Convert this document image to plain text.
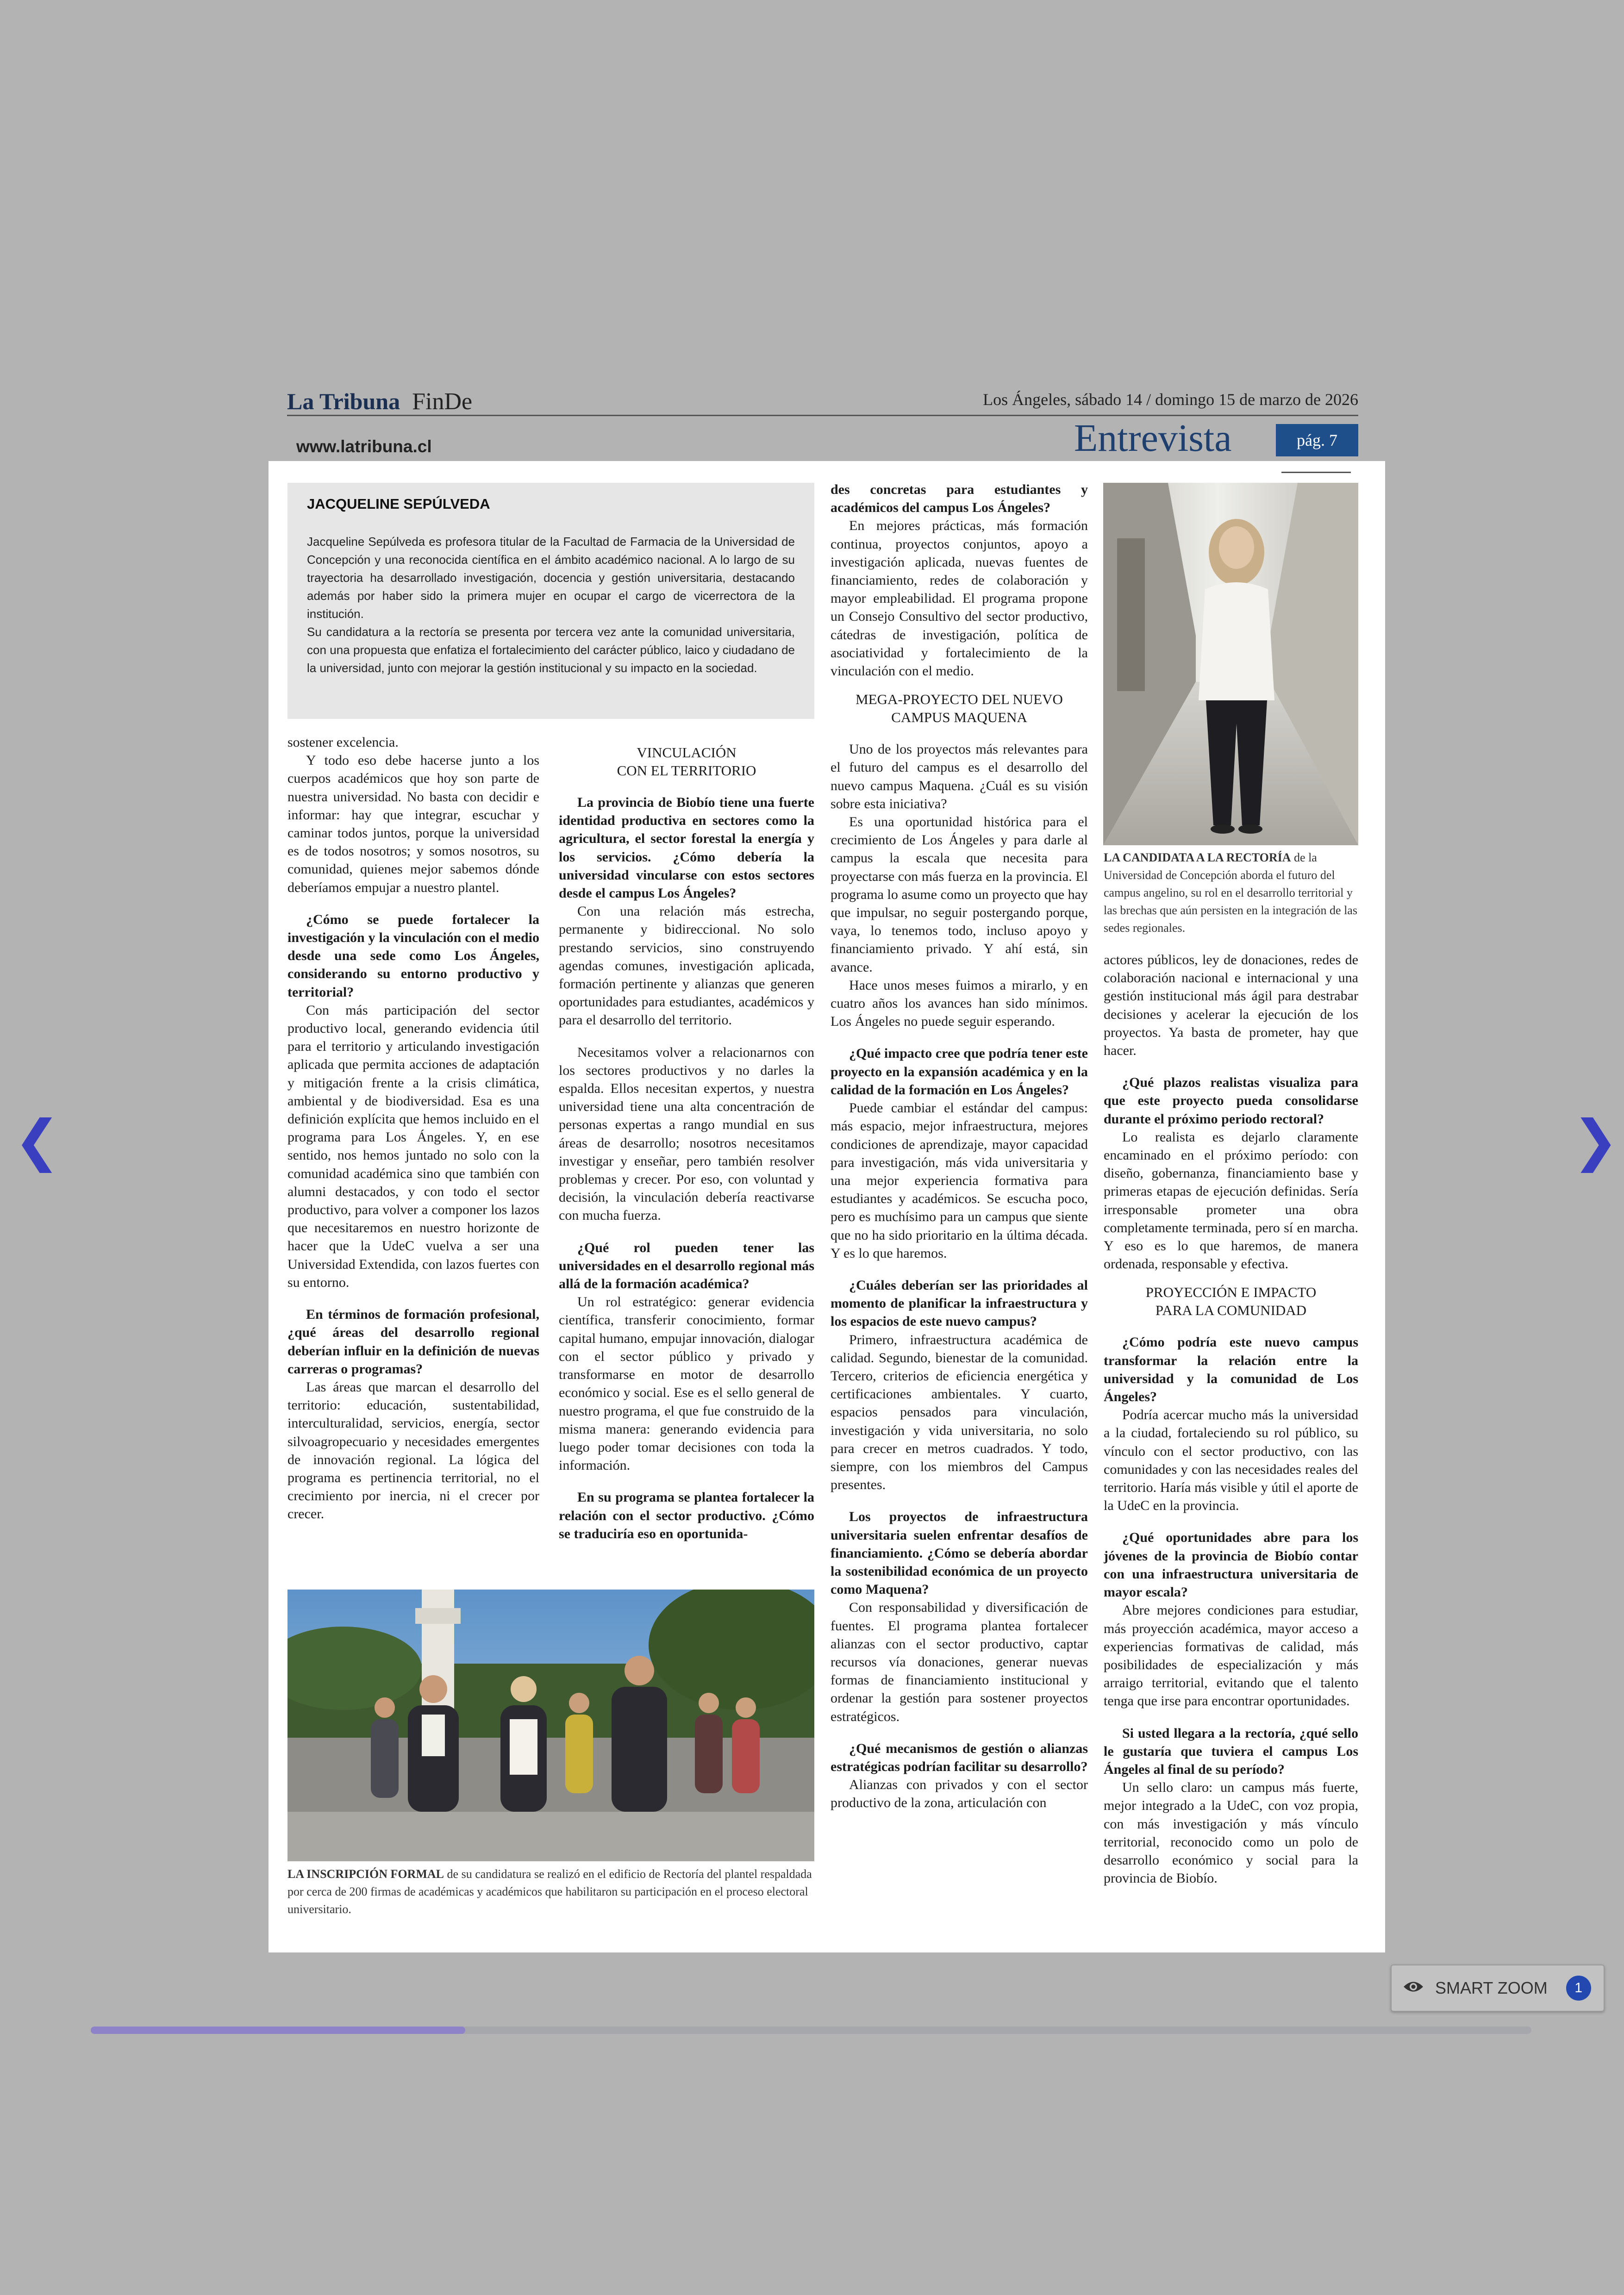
La Tribuna FinDe	Los Ángeles, sábado 14 / domingo 15 de marzo de 2026
www.latribuna.cl	Entrevista	pág. 7
JACQUELINE SEPÚLVEDA

Jacqueline Sepúlveda es profesora titular de la Facultad de Farmacia de la Universidad de Concepción y una reconocida científica en el ámbito académico nacional. A lo largo de su trayectoria ha desarrollado investigación, docencia y gestión universitaria, destacando además por haber sido la primera mujer en ocupar el cargo de vicerrectora de la institución.

Su candidatura a la rectoría se presenta por tercera vez ante la comunidad universitaria, con una propuesta que enfatiza el fortalecimiento del carácter público, laico y ciudadano de la universidad, junto con mejorar la gestión institucional y su impacto en la sociedad.

sostener excelencia.

Y todo eso debe hacerse junto a los cuerpos académicos que hoy son parte de nuestra universidad. No basta con decidir e informar: hay que integrar, escuchar y caminar todos juntos, porque la universidad es de todos nosotros; y somos nosotros, su comunidad, quienes mejor sabemos dónde deberíamos empujar a nuestro plantel.

¿Cómo se puede fortalecer la investigación y la vinculación con el medio desde una sede como Los Ángeles, considerando su entorno productivo y territorial?

Con más participación del sector productivo local, generando evidencia útil para el territorio y articulando investigación aplicada que permita acciones de adaptación y mitigación frente a la crisis climática, ambiental y de biodiversidad. Esa es una definición explícita que hemos incluido en el programa para Los Ángeles. Y, en ese sentido, nos hemos juntado no solo con la comunidad académica sino que también con alumni destacados, y con todo el sector productivo, para volver a componer los lazos que necesitaremos en nuestro horizonte de hacer que la UdeC vuelva a ser una Universidad Extendida, con lazos fuertes con su entorno.

En términos de formación profesional, ¿qué áreas del desarrollo regional deberían influir en la definición de nuevas carreras o programas?

Las áreas que marcan el desarrollo del territorio: educación, sustentabilidad, interculturalidad, servicios, energía, sector silvoagropecuario y necesidades emergentes de innovación regional. La lógica del programa es pertinencia territorial, no el crecimiento por inercia, ni el crecer por crecer.

VINCULACIÓN
CON EL TERRITORIO

La provincia de Biobío tiene una fuerte identidad productiva en sectores como la agricultura, el sector forestal la energía y los servicios. ¿Cómo debería la universidad vincularse con estos sectores desde el campus Los Ángeles?

Con una relación más estrecha, permanente y bidireccional. No solo prestando servicios, sino construyendo agendas comunes, investigación aplicada, formación pertinente y alianzas que generen oportunidades para estudiantes, académicos y para el desarrollo del territorio.

Necesitamos volver a relacionarnos con los sectores productivos y no darles la espalda. Ellos necesitan expertos, y nuestra universidad tiene una alta concentración de personas expertas a rango mundial en sus áreas de desarrollo; nosotros necesitamos investigar y enseñar, pero también resolver problemas y crecer. Por eso, con voluntad y decisión, la vinculación debería reactivarse con mucha fuerza.

¿Qué rol pueden tener las universidades en el desarrollo regional más allá de la formación académica?

Un rol estratégico: generar evidencia científica, transferir conocimiento, formar capital humano, empujar innovación, dialogar con el sector público y privado y transformarse en motor de desarrollo económico y social. Ese es el sello general de nuestro programa, el que fue construido de la misma manera: generando evidencia para luego poder tomar decisiones con toda la información.

En su programa se plantea fortalecer la relación con el sector productivo. ¿Cómo se traduciría eso en oportunida-

des concretas para estudiantes y académicos del campus Los Ángeles?

En mejores prácticas, más formación continua, proyectos conjuntos, apoyo a investigación aplicada, nuevas fuentes de financiamiento, redes de colaboración y mayor empleabilidad. El programa propone un Consejo Consultivo del sector productivo, cátedras de investigación, política de asociatividad y fortalecimiento de la vinculación con el medio.

MEGA-PROYECTO DEL NUEVO
CAMPUS MAQUENA

Uno de los proyectos más relevantes para el futuro del campus es el desarrollo del nuevo campus Maquena. ¿Cuál es su visión sobre esta iniciativa?

Es una oportunidad histórica para el crecimiento de Los Ángeles y para darle al campus la escala que necesita para proyectarse con más fuerza en la provincia. El programa lo asume como un proyecto que hay que impulsar, no seguir postergando porque, vaya, lo tenemos todo, incluso apoyo y financiamiento privado. Y ahí está, sin avance.

Hace unos meses fuimos a mirarlo, y en cuatro años los avances han sido mínimos. Los Ángeles no puede seguir esperando.

¿Qué impacto cree que podría tener este proyecto en la expansión académica y en la calidad de la formación en Los Ángeles?

Puede cambiar el estándar del campus: más espacio, mejor infraestructura, mejores condiciones de aprendizaje, mayor capacidad para investigación, más vida universitaria y una mejor experiencia formativa para estudiantes y académicos. Se escucha poco, pero es muchísimo para un campus que siente que no ha sido prioritario en la última década. Y es lo que haremos.

¿Cuáles deberían ser las prioridades al momento de planificar la infraestructura y los espacios de este nuevo campus?

Primero, infraestructura académica de calidad. Segundo, bienestar de la comunidad. Tercero, criterios de eficiencia energética y certificaciones ambientales. Y cuarto, espacios pensados para vinculación, investigación y vida universitaria, no solo para crecer en metros cuadrados. Y todo, siempre, con los miembros del Campus presentes.

Los proyectos de infraestructura universitaria suelen enfrentar desafíos de financiamiento. ¿Cómo se debería abordar la sostenibilidad económica de un proyecto como Maquena?

Con responsabilidad y diversificación de fuentes. El programa plantea fortalecer alianzas con el sector productivo, captar recursos vía donaciones, generar nuevas formas de financiamiento institucional y ordenar la gestión para sostener proyectos estratégicos.

¿Qué mecanismos de gestión o alianzas estratégicas podrían facilitar su desarrollo?

Alianzas con privados y con el sector productivo de la zona, articulación con

actores públicos, ley de donaciones, redes de colaboración nacional e internacional y una gestión institucional más ágil para destrabar decisiones y acelerar la ejecución de los proyectos. Ya basta de prometer, hay que hacer.

¿Qué plazos realistas visualiza para que este proyecto pueda consolidarse durante el próximo periodo rectoral?

Lo realista es dejarlo claramente encaminado en el próximo período: con diseño, gobernanza, financiamiento base y primeras etapas de ejecución definidas. Sería irresponsable prometer una obra completamente terminada, pero sí en marcha. Y eso es lo que haremos, de manera ordenada, responsable y efectiva.

PROYECCIÓN E IMPACTO
PARA LA COMUNIDAD

¿Cómo podría este nuevo campus transformar la relación entre la universidad y la comunidad de Los Ángeles?

Podría acercar mucho más la universidad a la ciudad, fortaleciendo su rol público, su vínculo con el sector productivo, con las comunidades y con las necesidades reales del territorio. Haría más visible y útil el aporte de la UdeC en la provincia.

¿Qué oportunidades abre para los jóvenes de la provincia de Biobío contar con una infraestructura universitaria de mayor escala?

Abre mejores condiciones para estudiar, más proyección académica, mayor acceso a experiencias formativas de calidad, más posibilidades de especialización y más arraigo territorial, evitando que el talento tenga que irse para encontrar oportunidades.

Si usted llegara a la rectoría, ¿qué sello le gustaría que tuviera el campus Los Ángeles al final de su período?

Un sello claro: un campus más fuerte, mejor integrado a la UdeC, con voz propia, con más investigación y más vínculo territorial, reconocido como un polo de desarrollo económico y social para la provincia de Biobío.

LA CANDIDATA A LA RECTORÍA de la Universidad de Concepción aborda el futuro del campus angelino, su rol en el desarrollo territorial y las brechas que aún persisten en la integración de las sedes regionales.
LA INSCRIPCIÓN FORMAL de su candidatura se realizó en el edificio de Rectoría del plantel respaldada por cerca de 200 firmas de académicas y académicos que habilitaron su participación en el proceso electoral universitario.
❮	❯
SMART ZOOM	1
